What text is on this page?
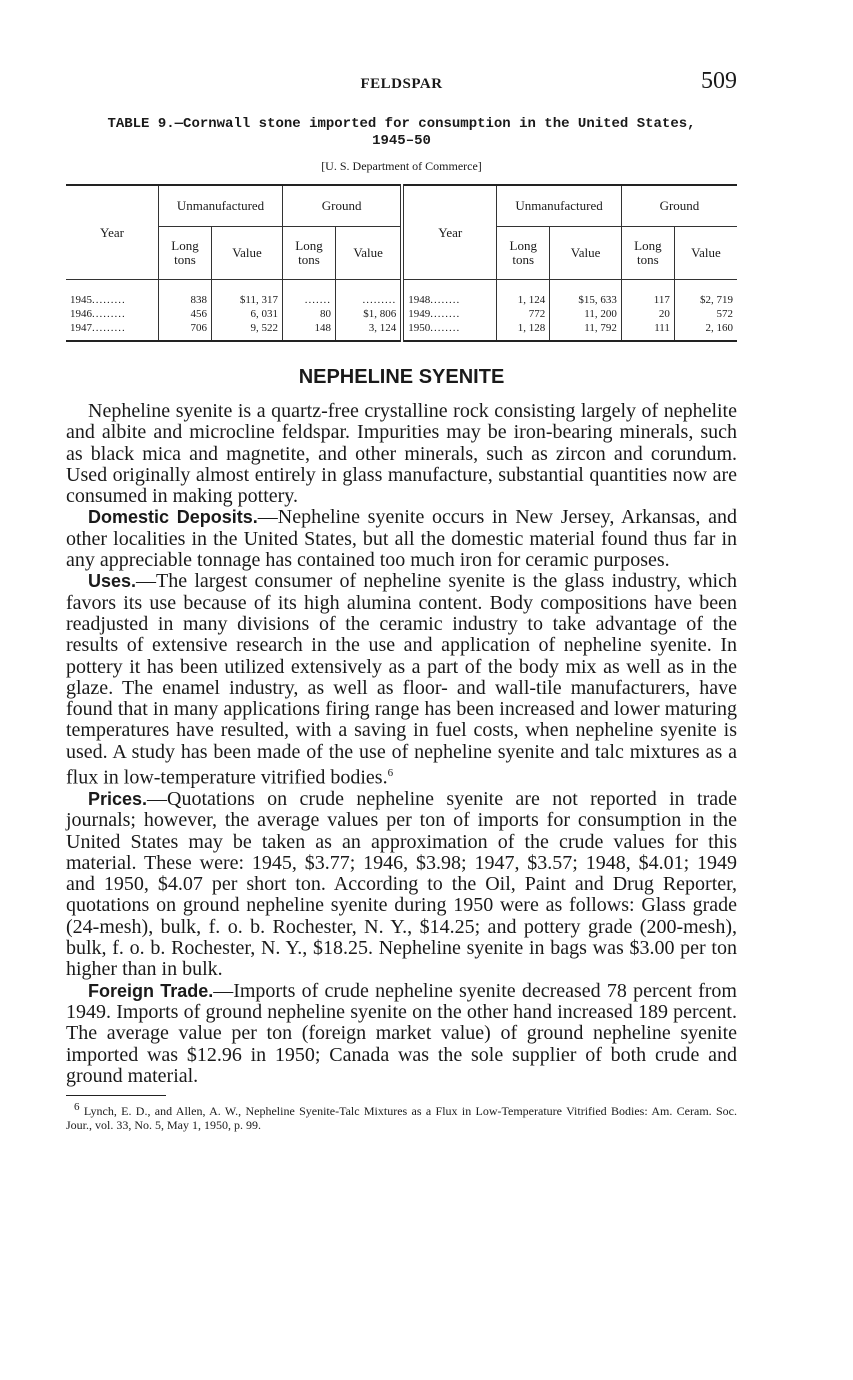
FELDSPAR	509
TABLE 9.—Cornwall stone imported for consumption in the United States,
1945–50
[U. S. Department of Commerce]
Year	Unmanufactured		Ground		Year	Unmanufactured		Ground	
	Long tons	Value	Long tons	Value		Long tons	Value	Long tons	Value
1945.........	838	$11, 317	.......	.........	1948........	1, 124	$15, 633	117	$2, 719
1946.........	456	6, 031	80	$1, 806	1949........	772	11, 200	20	572
1947.........	706	9, 522	148	3, 124	1950........	1, 128	11, 792	111	2, 160
NEPHELINE SYENITE

Nepheline syenite is a quartz-free crystalline rock consisting largely of nephelite and albite and microcline feldspar. Impurities may be iron-bearing minerals, such as black mica and magnetite, and other minerals, such as zircon and corundum. Used originally almost entirely in glass manufacture, substantial quantities now are consumed in making pottery.

Domestic Deposits.—Nepheline syenite occurs in New Jersey, Arkansas, and other localities in the United States, but all the domestic material found thus far in any appreciable tonnage has contained too much iron for ceramic purposes.

Uses.—The largest consumer of nepheline syenite is the glass industry, which favors its use because of its high alumina content. Body compositions have been readjusted in many divisions of the ceramic industry to take advantage of the results of extensive research in the use and application of nepheline syenite. In pottery it has been utilized extensively as a part of the body mix as well as in the glaze. The enamel industry, as well as floor- and wall-tile manufacturers, have found that in many applications firing range has been increased and lower maturing temperatures have resulted, with a saving in fuel costs, when nepheline syenite is used. A study has been made of the use of nepheline syenite and talc mixtures as a flux in low-temperature vitrified bodies.$^6$

Prices.—Quotations on crude nepheline syenite are not reported in trade journals; however, the average values per ton of imports for consumption in the United States may be taken as an approximation of the crude values for this material. These were: 1945, $3.77; 1946, $3.98; 1947, $3.57; 1948, $4.01; 1949 and 1950, $4.07 per short ton. According to the Oil, Paint and Drug Reporter, quotations on ground nepheline syenite during 1950 were as follows: Glass grade (24-mesh), bulk, f. o. b. Rochester, N. Y., $14.25; and pottery grade (200-mesh), bulk, f. o. b. Rochester, N. Y., $18.25. Nepheline syenite in bags was $3.00 per ton higher than in bulk.

Foreign Trade.—Imports of crude nepheline syenite decreased 78 percent from 1949. Imports of ground nepheline syenite on the other hand increased 189 percent. The average value per ton (foreign market value) of ground nepheline syenite imported was $12.96 in 1950; Canada was the sole supplier of both crude and ground material.

$^6$ Lynch, E. D., and Allen, A. W., Nepheline Syenite-Talc Mixtures as a Flux in Low-Temperature Vitrified Bodies: Am. Ceram. Soc. Jour., vol. 33, No. 5, May 1, 1950, p. 99.
